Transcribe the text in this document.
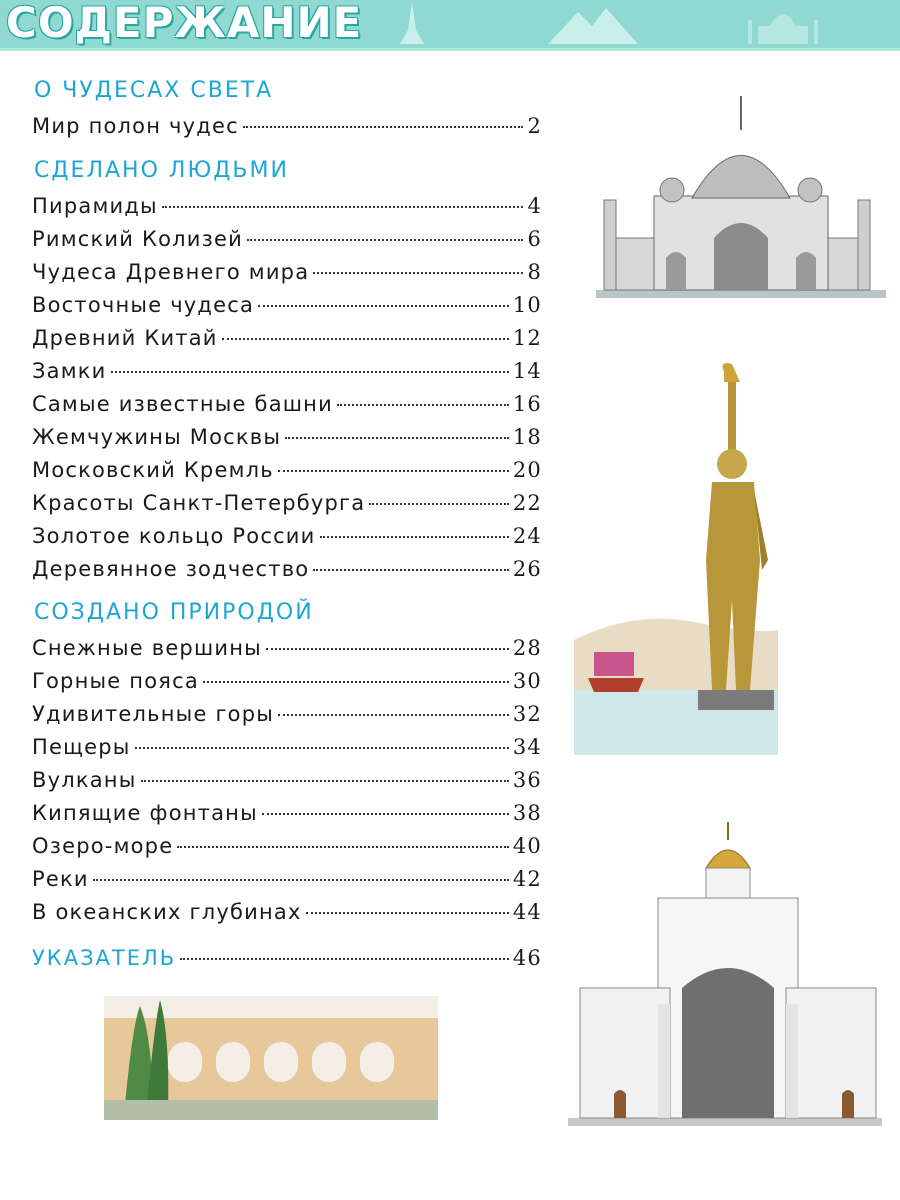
СОДЕРЖАНИЕ
О ЧУДЕСАХ СВЕТА
Мир полон чудес	2
СДЕЛАНО ЛЮДЬМИ
Пирамиды	4
Римский Колизей	6
Чудеса Древнего мира	8
Восточные чудеса	10
Древний Китай	12
Замки	14
Самые известные башни	16
Жемчужины Москвы	18
Московский Кремль	20
Красоты Санкт-Петербурга	22
Золотое кольцо России	24
Деревянное зодчество	26
СОЗДАНО ПРИРОДОЙ
Снежные вершины	28
Горные пояса	30
Удивительные горы	32
Пещеры	34
Вулканы	36
Кипящие фонтаны	38
Озеро-море	40
Реки	42
В океанских глубинах	44
УКАЗАТЕЛЬ	46
